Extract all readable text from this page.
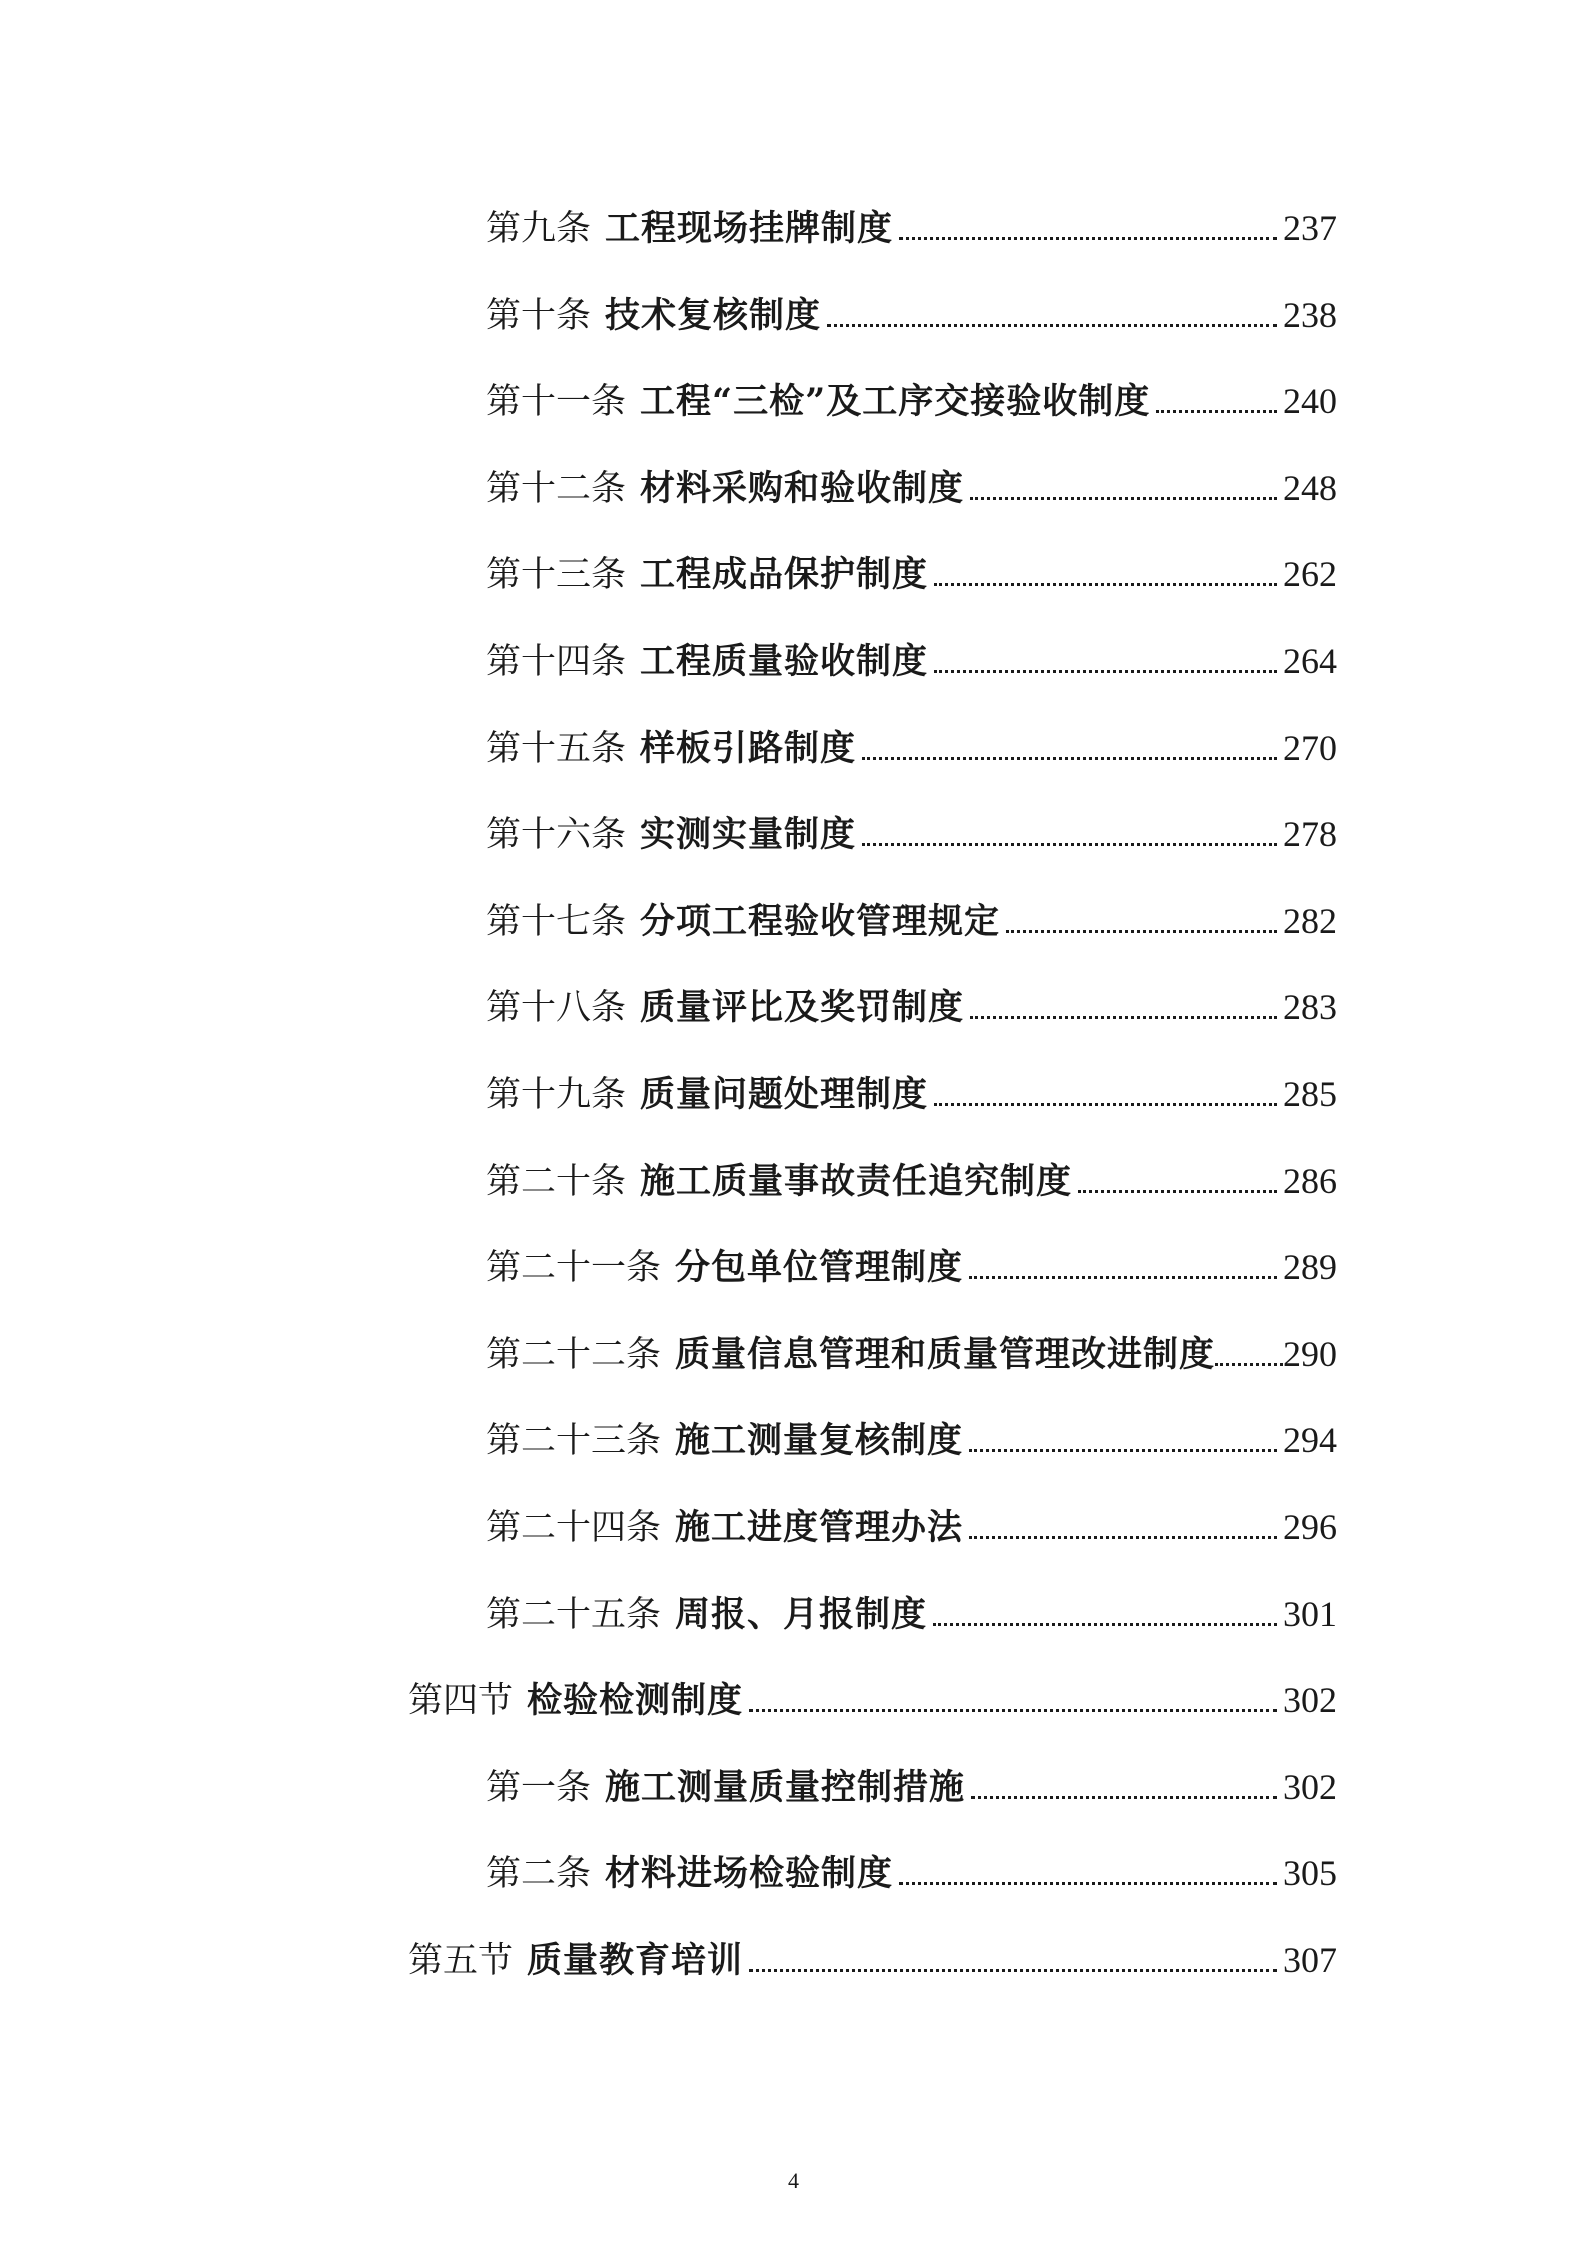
第九条 工程现场挂牌制度	237
第十条 技术复核制度	238
第十一条 工程“三检”及工序交接验收制度	240
第十二条 材料采购和验收制度	248
第十三条 工程成品保护制度	262
第十四条 工程质量验收制度	264
第十五条 样板引路制度	270
第十六条 实测实量制度	278
第十七条 分项工程验收管理规定	282
第十八条 质量评比及奖罚制度	283
第十九条 质量问题处理制度	285
第二十条 施工质量事故责任追究制度	286
第二十一条 分包单位管理制度	289
第二十二条 质量信息管理和质量管理改进制度 290
第二十三条 施工测量复核制度	294
第二十四条 施工进度管理办法	296
第二十五条 周报、月报制度	301
第四节 检验检测制度	302
第一条 施工测量质量控制措施	302
第二条 材料进场检验制度	305
第五节 质量教育培训	307
4
